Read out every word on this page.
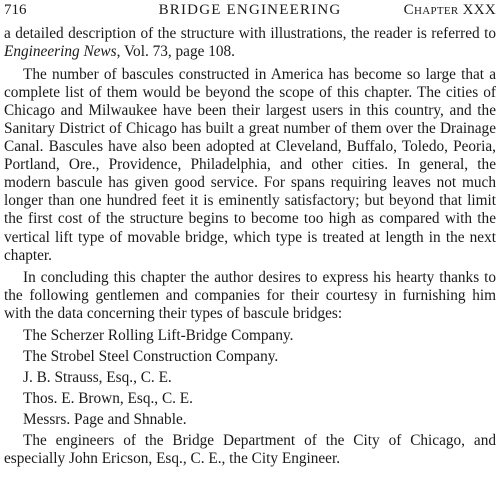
716	BRIDGE ENGINEERING	Chapter XXX

a detailed description of the structure with illustrations, the reader is referred to Engineering News, Vol. 73, page 108.

The number of bascules constructed in America has become so large that a complete list of them would be beyond the scope of this chapter. The cities of Chicago and Milwaukee have been their largest users in this country, and the Sanitary District of Chicago has built a great number of them over the Drainage Canal. Bascules have also been adopted at Cleveland, Buffalo, Toledo, Peoria, Portland, Ore., Providence, Philadelphia, and other cities. In general, the modern bascule has given good service. For spans requiring leaves not much longer than one hundred feet it is eminently satisfactory; but beyond that limit the first cost of the structure begins to become too high as compared with the vertical lift type of movable bridge, which type is treated at length in the next chapter.

In concluding this chapter the author desires to express his hearty thanks to the following gentlemen and companies for their courtesy in furnishing him with the data concerning their types of bascule bridges:

The Scherzer Rolling Lift-Bridge Company.

The Strobel Steel Construction Company.

J. B. Strauss, Esq., C. E.

Thos. E. Brown, Esq., C. E.

Messrs. Page and Shnable.

The engineers of the Bridge Department of the City of Chicago, and especially John Ericson, Esq., C. E., the City Engineer.
